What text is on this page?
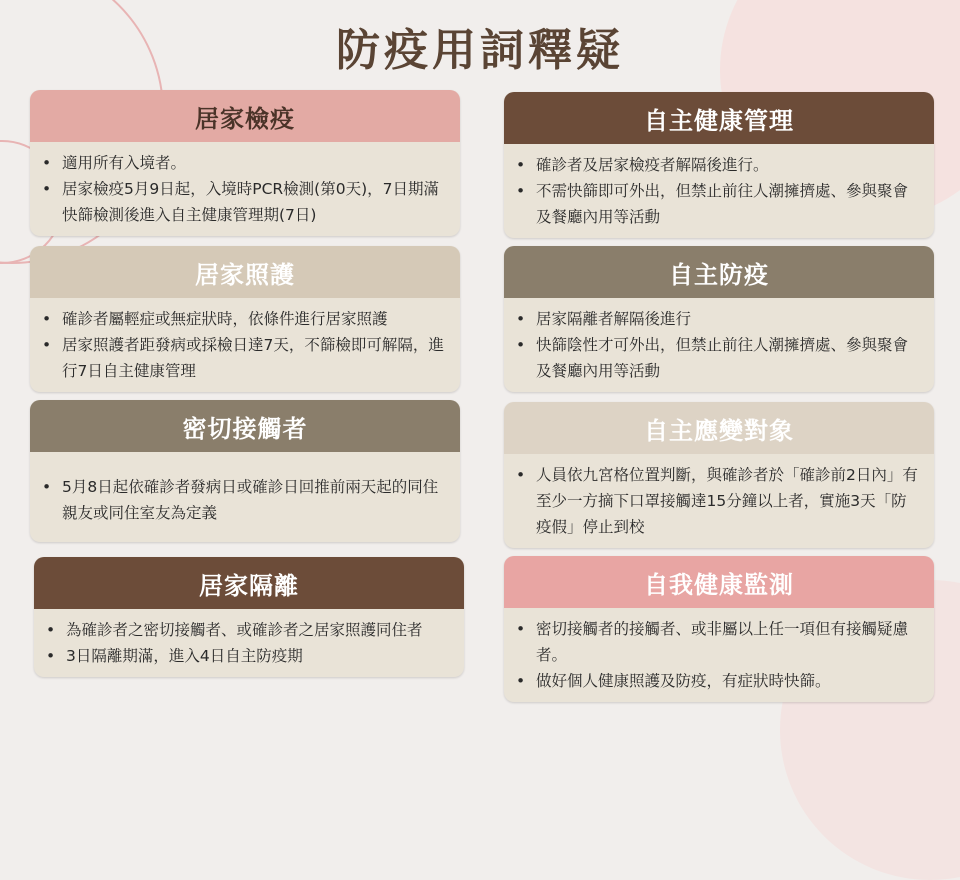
防疫用詞釋疑
居家檢疫
• 適用所有入境者。
• 居家檢疫5月9日起，入境時PCR檢測(第0天)，7日期滿快篩檢測後進入自主健康管理期(7日)
居家照護
• 確診者屬輕症或無症狀時，依條件進行居家照護
• 居家照護者距發病或採檢日達7天，不篩檢即可解隔，進行7日自主健康管理
密切接觸者
• 5月8日起依確診者發病日或確診日回推前兩天起的同住親友或同住室友為定義
居家隔離
• 為確診者之密切接觸者、或確診者之居家照護同住者
• 3日隔離期滿，進入4日自主防疫期
自主健康管理
• 確診者及居家檢疫者解隔後進行。
• 不需快篩即可外出，但禁止前往人潮擁擠處、參與聚會及餐廳內用等活動
自主防疫
• 居家隔離者解隔後進行
• 快篩陰性才可外出，但禁止前往人潮擁擠處、參與聚會及餐廳內用等活動
自主應變對象
• 人員依九宮格位置判斷，與確診者於「確診前2日內」有至少一方摘下口罩接觸達15分鐘以上者，實施3天「防疫假」停止到校
自我健康監測
• 密切接觸者的接觸者、或非屬以上任一項但有接觸疑慮者。
• 做好個人健康照護及防疫，有症狀時快篩。
